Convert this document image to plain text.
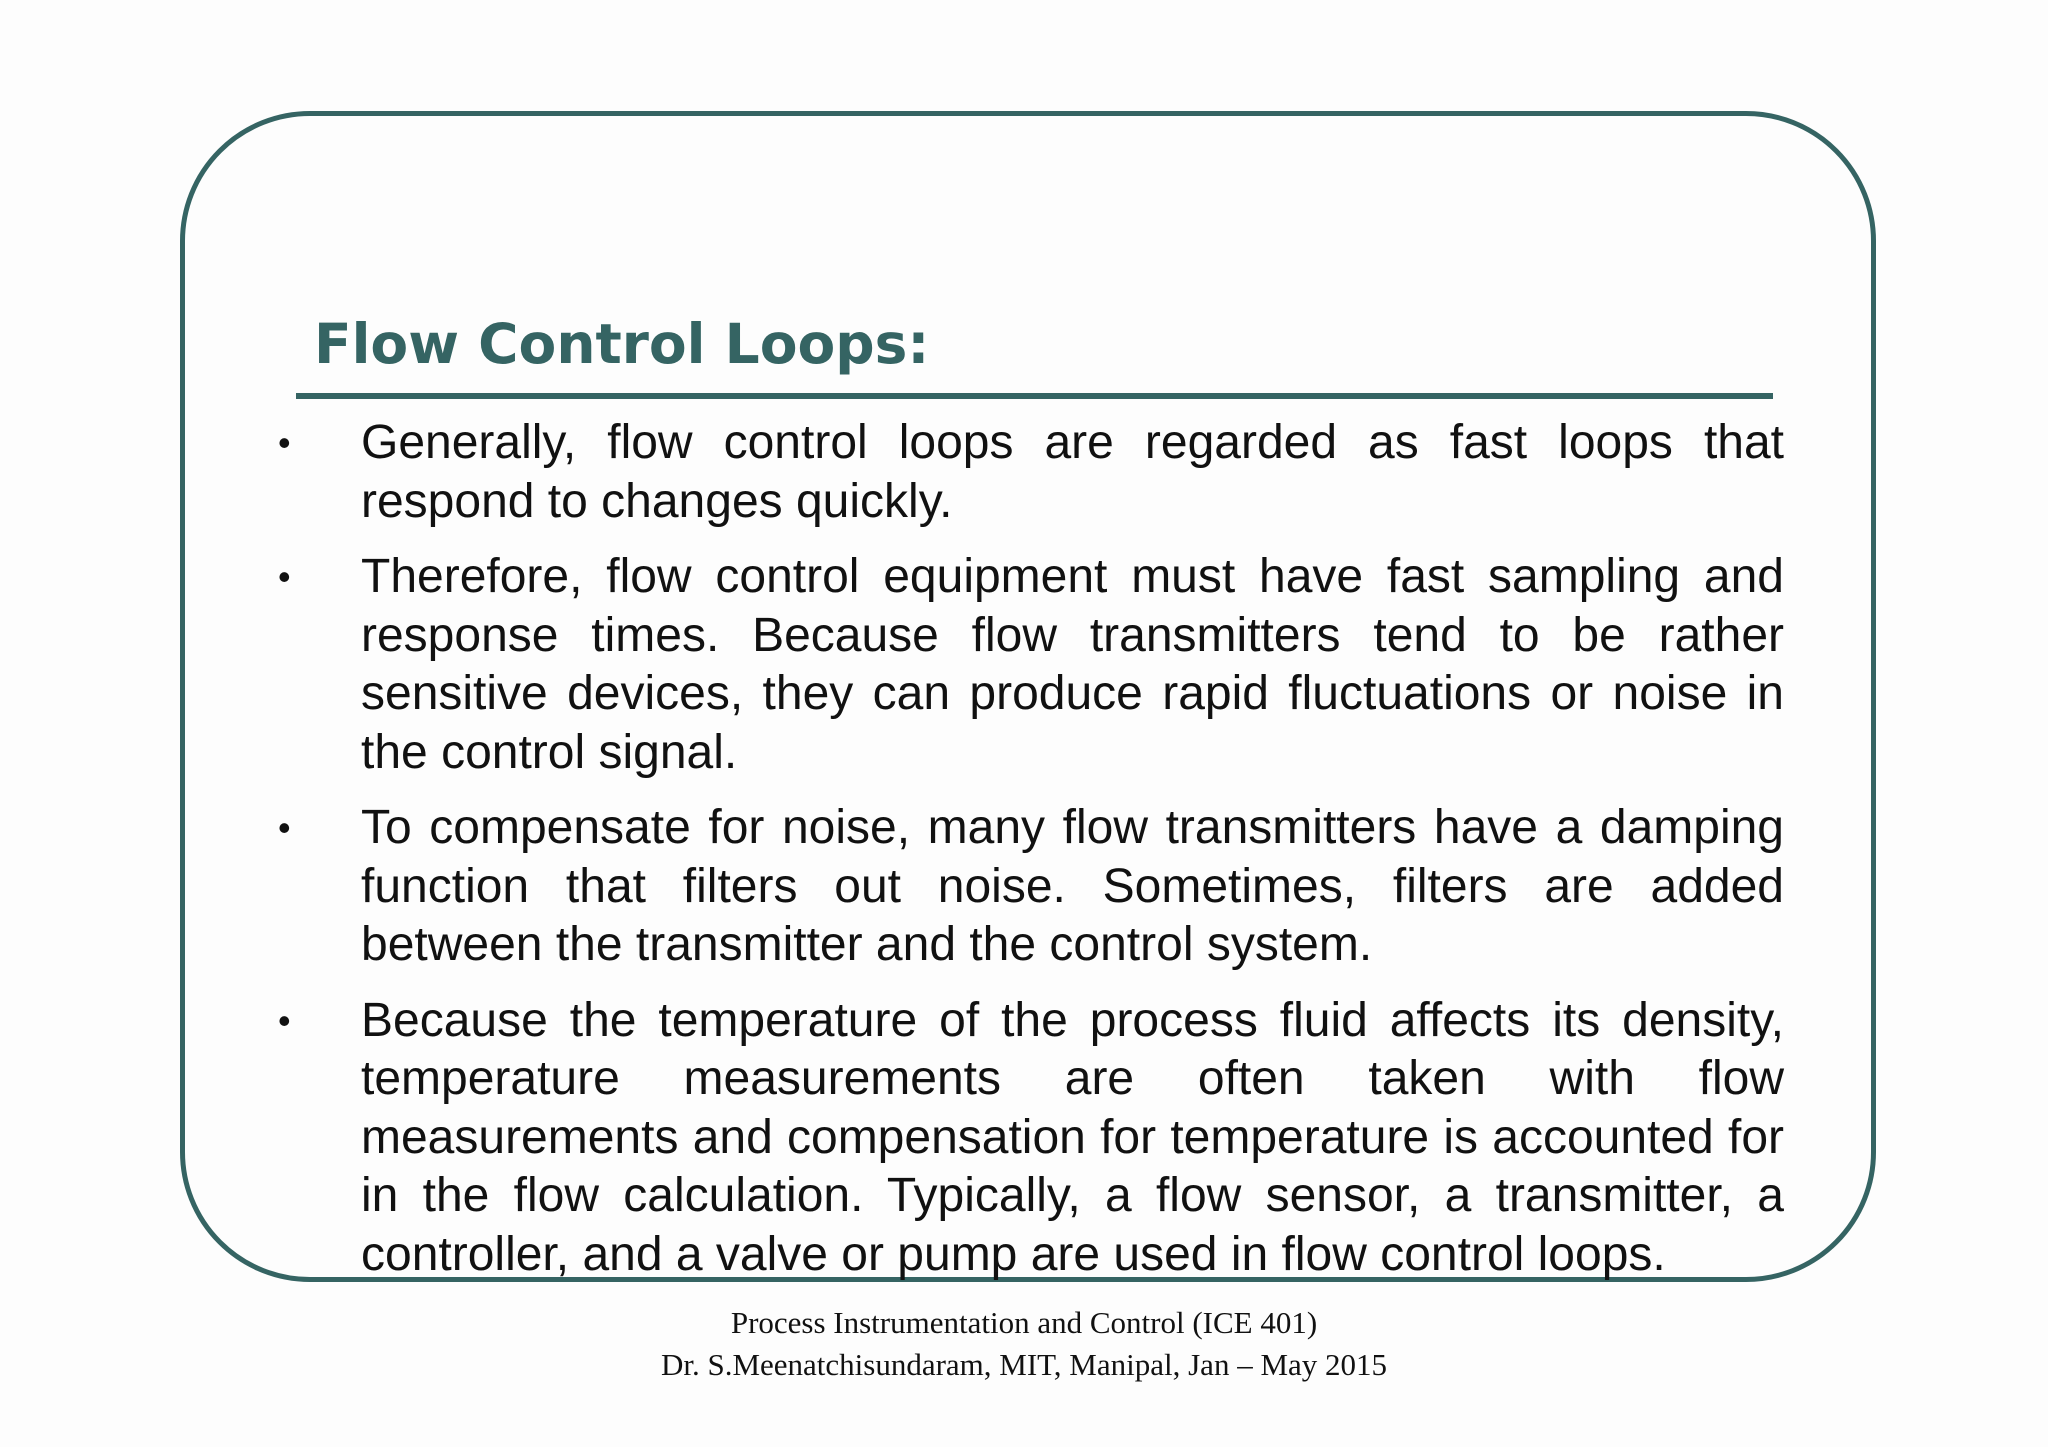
Flow Control Loops:
•	Generally, flow control loops are regarded as fast loops that respond to changes quickly.
•	Therefore, flow control equipment must have fast sampling and response times. Because flow transmitters tend to be rather sensitive devices, they can produce rapid fluctuations or noise in the control signal.
•	To compensate for noise, many flow transmitters have a damping function that filters out noise. Sometimes, filters are added between the transmitter and the control system.
•	Because the temperature of the process fluid affects its density, temperature measurements are often taken with flow measurements and compensation for temperature is accounted for in the flow calculation. Typically, a flow sensor, a transmitter, a controller, and a valve or pump are used in flow control loops.
Process Instrumentation and Control (ICE 401)
Dr. S.Meenatchisundaram, MIT, Manipal, Jan – May 2015
